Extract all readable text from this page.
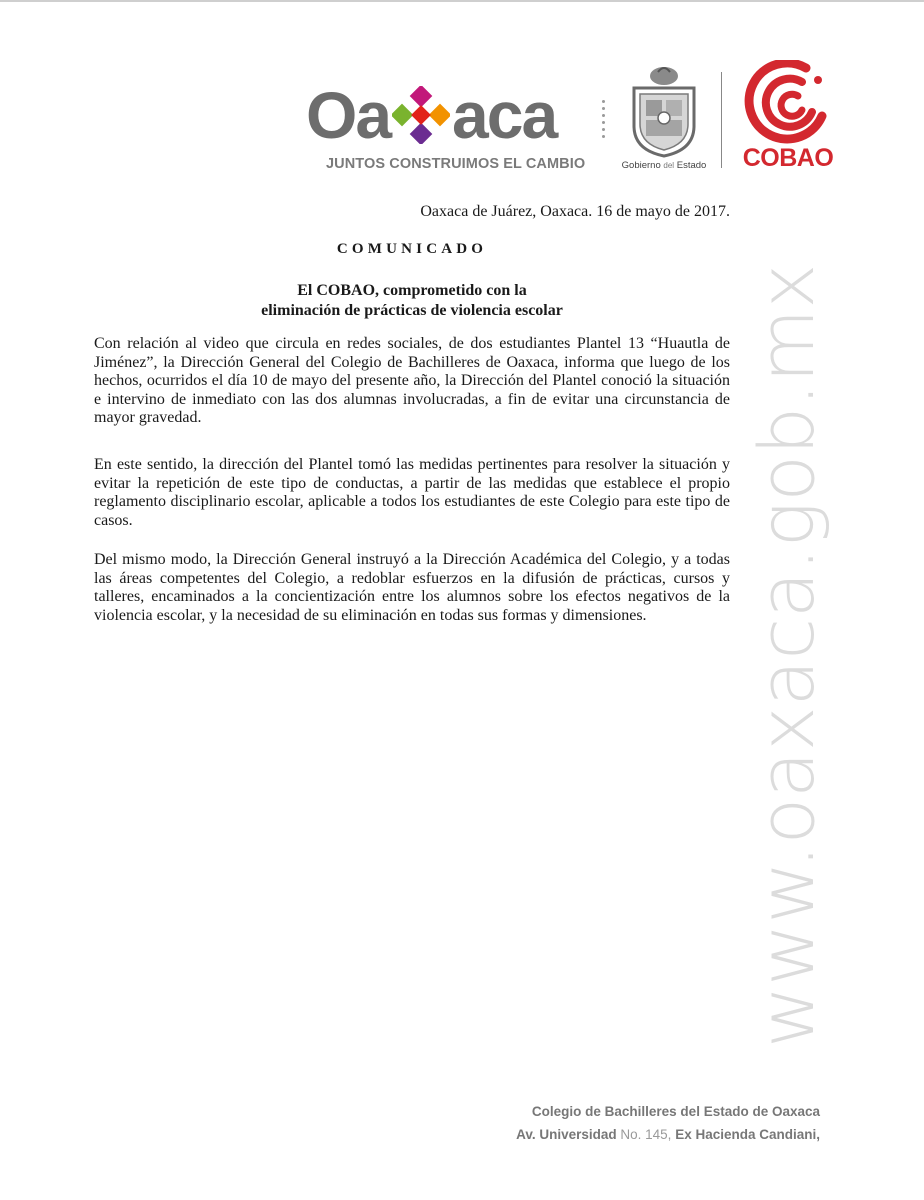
Oa aca
JUNTOS CONSTRUIMOS EL CAMBIO	Gobierno del Estado COBAO
Oaxaca de Juárez, Oaxaca. 16 de mayo de 2017.
COMUNICADO
El COBAO, comprometido con la
eliminación de prácticas de violencia escolar

Con relación al video que circula en redes sociales, de dos estudiantes Plantel 13 “Huautla de Jiménez”, la Dirección General del Colegio de Bachilleres de Oaxaca, informa que luego de los hechos, ocurridos el día 10 de mayo del presente año, la Dirección del Plantel conoció la situación e intervino de inmediato con las dos alumnas involucradas, a fin de evitar una circunstancia de mayor gravedad.

En este sentido, la dirección del Plantel tomó las medidas pertinentes para resolver la situación y evitar la repetición de este tipo de conductas, a partir de las medidas que establece el propio reglamento disciplinario escolar, aplicable a todos los estudiantes de este Colegio para este tipo de casos.

Del mismo modo, la Dirección General instruyó a la Dirección Académica del Colegio, y a todas las áreas competentes del Colegio, a redoblar esfuerzos en la difusión de prácticas, cursos y talleres, encaminados a la concientización entre los alumnos sobre los efectos negativos de la violencia escolar, y la necesidad de su eliminación en todas sus formas y dimensiones.	www.oaxaca.gob.mx
Colegio de Bachilleres del Estado de Oaxaca
Av. Universidad No. 145, Ex Hacienda Candiani,
